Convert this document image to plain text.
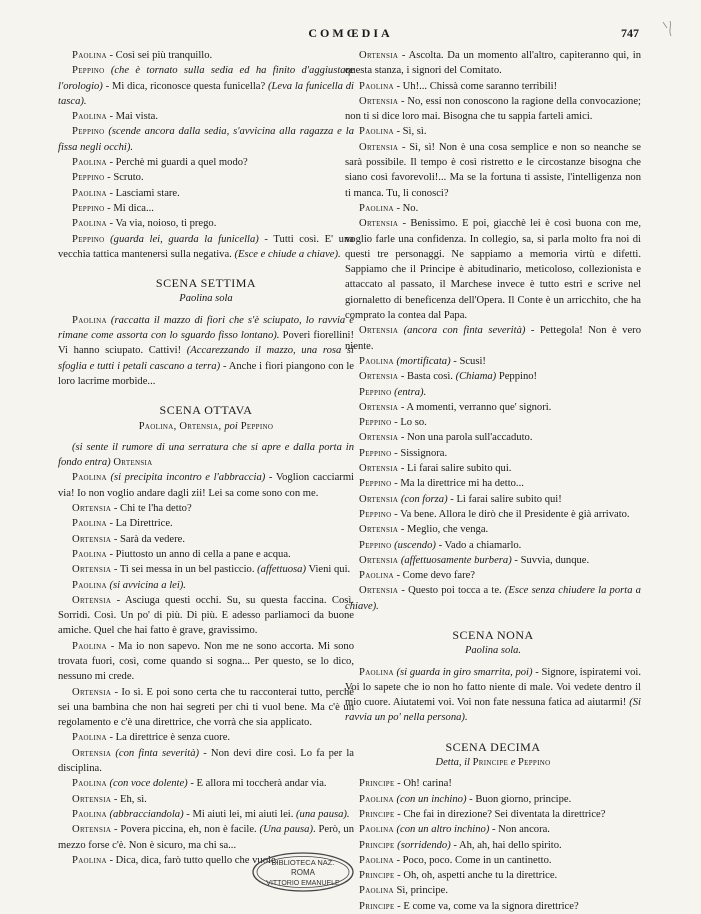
COMŒDIA	747

Paolina - Così sei più tranquillo.

Peppino (che è tornato sulla sedia ed ha finito d'aggiustare l'orologio) - Mi dica, riconosce questa funicella? (Leva la funicella di tasca).

Paolina - Mai vista.

Peppino (scende ancora dalla sedia, s'avvicina alla ragazza e la fissa negli occhi).

Paolina - Perchè mi guardi a quel modo?

Peppino - Scruto.

Paolina - Lasciami stare.

Peppino - Mi dica...

Paolina - Va via, noioso, ti prego.

Peppino (guarda lei, guarda la funicella) - Tutti così. E' una vecchia tattica mantenersi sulla negativa. (Esce e chiude a chiave).

SCENA SETTIMA

Paolina sola

Paolina (raccatta il mazzo di fiori che s'è sciupato, lo ravvia e rimane come assorta con lo sguardo fisso lontano). Poveri fiorellini! Vi hanno sciupato. Cattivi! (Accarezzando il mazzo, una rosa si sfoglia e tutti i petali cascano a terra) - Anche i fiori piangono con le loro lacrime morbide...

SCENA OTTAVA

Paolina, Ortensia, poi Peppino

(si sente il rumore di una serratura che si apre e dalla porta in fondo entra) Ortensia

Paolina (si precipita incontro e l'abbraccia) - Voglion cacciarmi via! Io non voglio andare dagli zii! Lei sa come sono con me.

Ortensia - Chi te l'ha detto?

Paolina - La Direttrice.

Ortensia - Sarà da vedere.

Paolina - Piuttosto un anno di cella a pane e acqua.

Ortensia - Ti sei messa in un bel pasticcio. (affettuosa) Vieni qui.

Paolina (si avvicina a lei).

Ortensia - Asciuga questi occhi. Su, su questa faccina. Così. Sorridi. Così. Un po' di più. Di più. E adesso parliamoci da buone amiche. Quel che hai fatto è grave, gravissimo.

Paolina - Ma io non sapevo. Non me ne sono accorta. Mi sono trovata fuori, così, come quando si sogna... Per questo, se lo dico, nessuno mi crede.

Ortensia - Io sì. E poi sono certa che tu racconterai tutto, perchè sei una bambina che non hai segreti per chi ti vuol bene. Ma c'è un regolamento e c'è una direttrice, che vorrà che sia applicato.

Paolina - La direttrice è senza cuore.

Ortensia (con finta severità) - Non devi dire così. Lo fa per la disciplina.

Paolina (con voce dolente) - E allora mi toccherà andar via.

Ortensia - Eh, sì.

Paolina (abbracciandola) - Mi aiuti lei, mi aiuti lei. (una pausa).

Ortensia - Povera piccina, eh, non è facile. (Una pausa). Però, un mezzo forse c'è. Non è sicuro, ma chi sa...

Paolina - Dica, dica, farò tutto quello che vuole.

Ortensia - Ascolta. Da un momento all'altro, capiteranno qui, in questa stanza, i signori del Comitato.

Paolina - Uh!... Chissà come saranno terribili!

Ortensia - No, essi non conoscono la ragione della convocazione; non ti si dice loro mai. Bisogna che tu sappia farteli amici.

Paolina - Sì, sì.

Ortensia - Sì, sì! Non è una cosa semplice e non so neanche se sarà possibile. Il tempo è così ristretto e le circostanze bisogna che siano così favorevoli!... Ma se la fortuna ti assiste, l'intelligenza non ti manca. Tu, li conosci?

Paolina - No.

Ortensia - Benissimo. E poi, giacchè lei è così buona con me, voglio farle una confidenza. In collegio, sa, si parla molto fra noi di questi tre personaggi. Ne sappiamo a memoria virtù e difetti. Sappiamo che il Principe è abitudinario, meticoloso, collezionista e attaccato al passato, il Marchese invece è tutto estri e scrive nel giornaletto di beneficenza dell'Opera. Il Conte è un arricchito, che ha comprato la contea dal Papa.

Ortensia (ancora con finta severità) - Pettegola! Non è vero niente.

Paolina (mortificata) - Scusi!

Ortensia - Basta così. (Chiama) Peppino!

Peppino (entra).

Ortensia - A momenti, verranno que' signori.

Peppino - Lo so.

Ortensia - Non una parola sull'accaduto.

Peppino - Sissignora.

Ortensia - Li farai salire subito qui.

Peppino - Ma la direttrice mi ha detto...

Ortensia (con forza) - Li farai salire subito qui!

Peppino - Va bene. Allora le dirò che il Presidente è già arrivato.

Ortensia - Meglio, che venga.

Peppino (uscendo) - Vado a chiamarlo.

Ortensia (affettuosamente burbera) - Suvvia, dunque.

Paolina - Come devo fare?

Ortensia - Questo poi tocca a te. (Esce senza chiudere la porta a chiave).

SCENA NONA

Paolina sola.

Paolina (si guarda in giro smarrita, poi) - Signore, ispiratemi voi. Voi lo sapete che io non ho fatto niente di male. Voi vedete dentro il mio cuore. Aiutatemi voi. Voi non fate nessuna fatica ad aiutarmi! (Si ravvia un po' nella persona).

SCENA DECIMA

Detta, il Principe e Peppino

Principe - Oh! carina!

Paolina (con un inchino) - Buon giorno, principe.

Principe - Che fai in direzione? Sei diventata la direttrice?

Paolina (con un altro inchino) - Non ancora.

Principe (sorridendo) - Ah, ah, hai dello spirito.

Paolina - Poco, poco. Come in un cantinetto.

Principe - Oh, oh, aspetti anche tu la direttrice.

Paolina Sì, principe.

Principe - E come va, come va la signora direttrice?

BIBLIOTECA NAZ.
ROMA
VITTORIO EMANUELE
